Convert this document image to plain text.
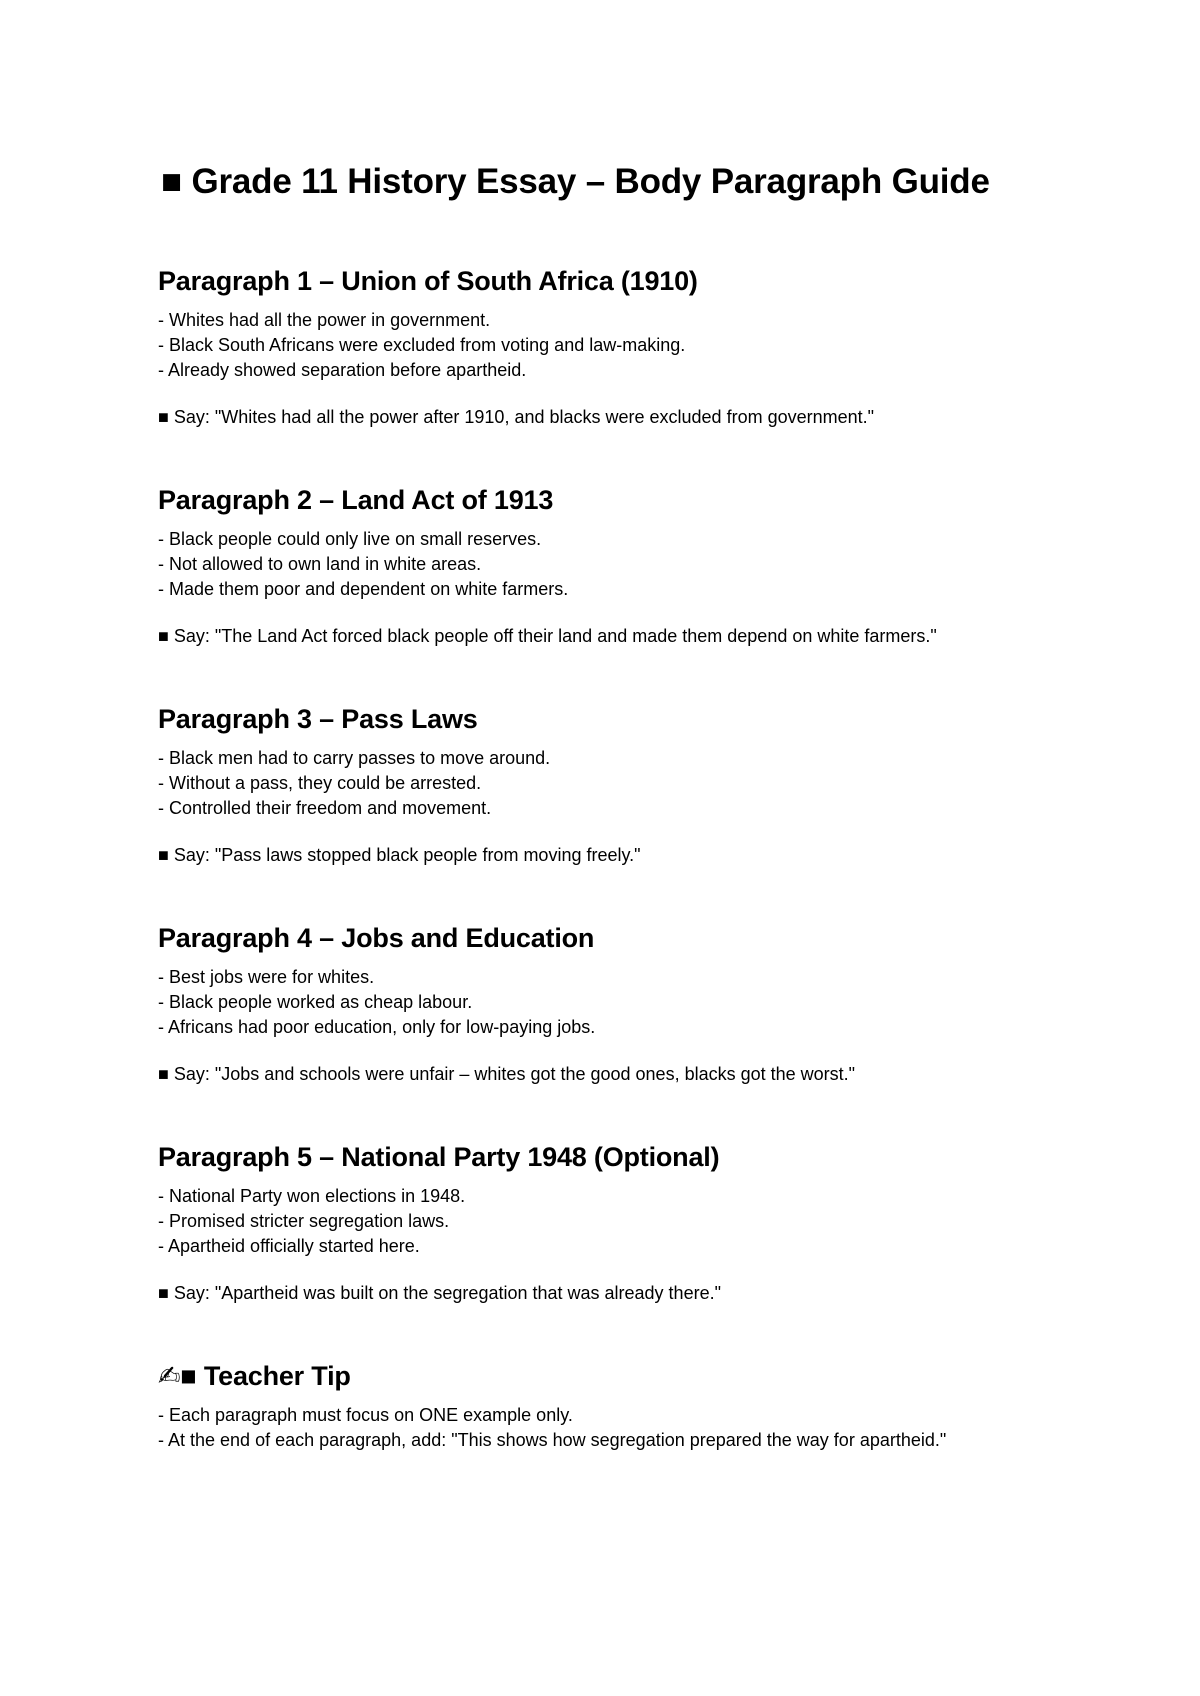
■ Grade 11 History Essay – Body Paragraph Guide
Paragraph 1 – Union of South Africa (1910)
- Whites had all the power in government.
- Black South Africans were excluded from voting and law-making.
- Already showed separation before apartheid.

■ Say: "Whites had all the power after 1910, and blacks were excluded from government."

Paragraph 2 – Land Act of 1913
- Black people could only live on small reserves.
- Not allowed to own land in white areas.
- Made them poor and dependent on white farmers.

■ Say: "The Land Act forced black people off their land and made them depend on white farmers."

Paragraph 3 – Pass Laws
- Black men had to carry passes to move around.
- Without a pass, they could be arrested.
- Controlled their freedom and movement.

■ Say: "Pass laws stopped black people from moving freely."

Paragraph 4 – Jobs and Education
- Best jobs were for whites.
- Black people worked as cheap labour.
- Africans had poor education, only for low-paying jobs.

■ Say: "Jobs and schools were unfair – whites got the good ones, blacks got the worst."

Paragraph 5 – National Party 1948 (Optional)
- National Party won elections in 1948.
- Promised stricter segregation laws.
- Apartheid officially started here.

■ Say: "Apartheid was built on the segregation that was already there."

✍■ Teacher Tip
- Each paragraph must focus on ONE example only.
- At the end of each paragraph, add: "This shows how segregation prepared the way for apartheid."
